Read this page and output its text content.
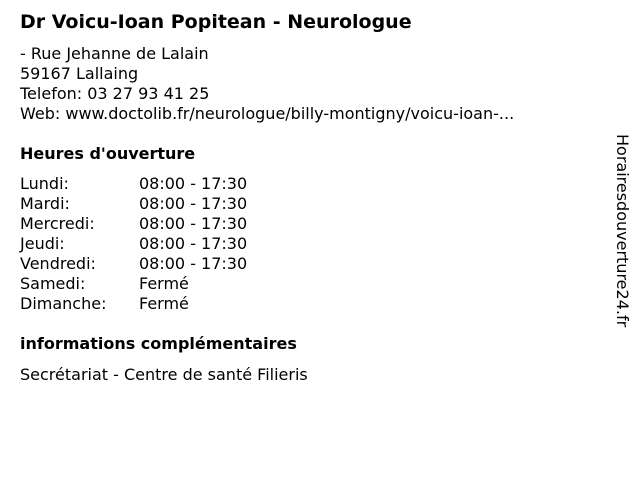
Dr Voicu-Ioan Popitean - Neurologue
- Rue Jehanne de Lalain
59167 Lallaing
Telefon: 03 27 93 41 25
Web: www.doctolib.fr/neurologue/billy-montigny/voicu-ioan-...
Heures d'ouverture
Lundi:	08:00 - 17:30
Mardi:	08:00 - 17:30
Mercredi:	08:00 - 17:30
Jeudi:	08:00 - 17:30
Vendredi:	08:00 - 17:30
Samedi:	Fermé
Dimanche: Fermé
informations complémentaires
Secrétariat - Centre de santé Filieris
Horairesdouverture24.fr
